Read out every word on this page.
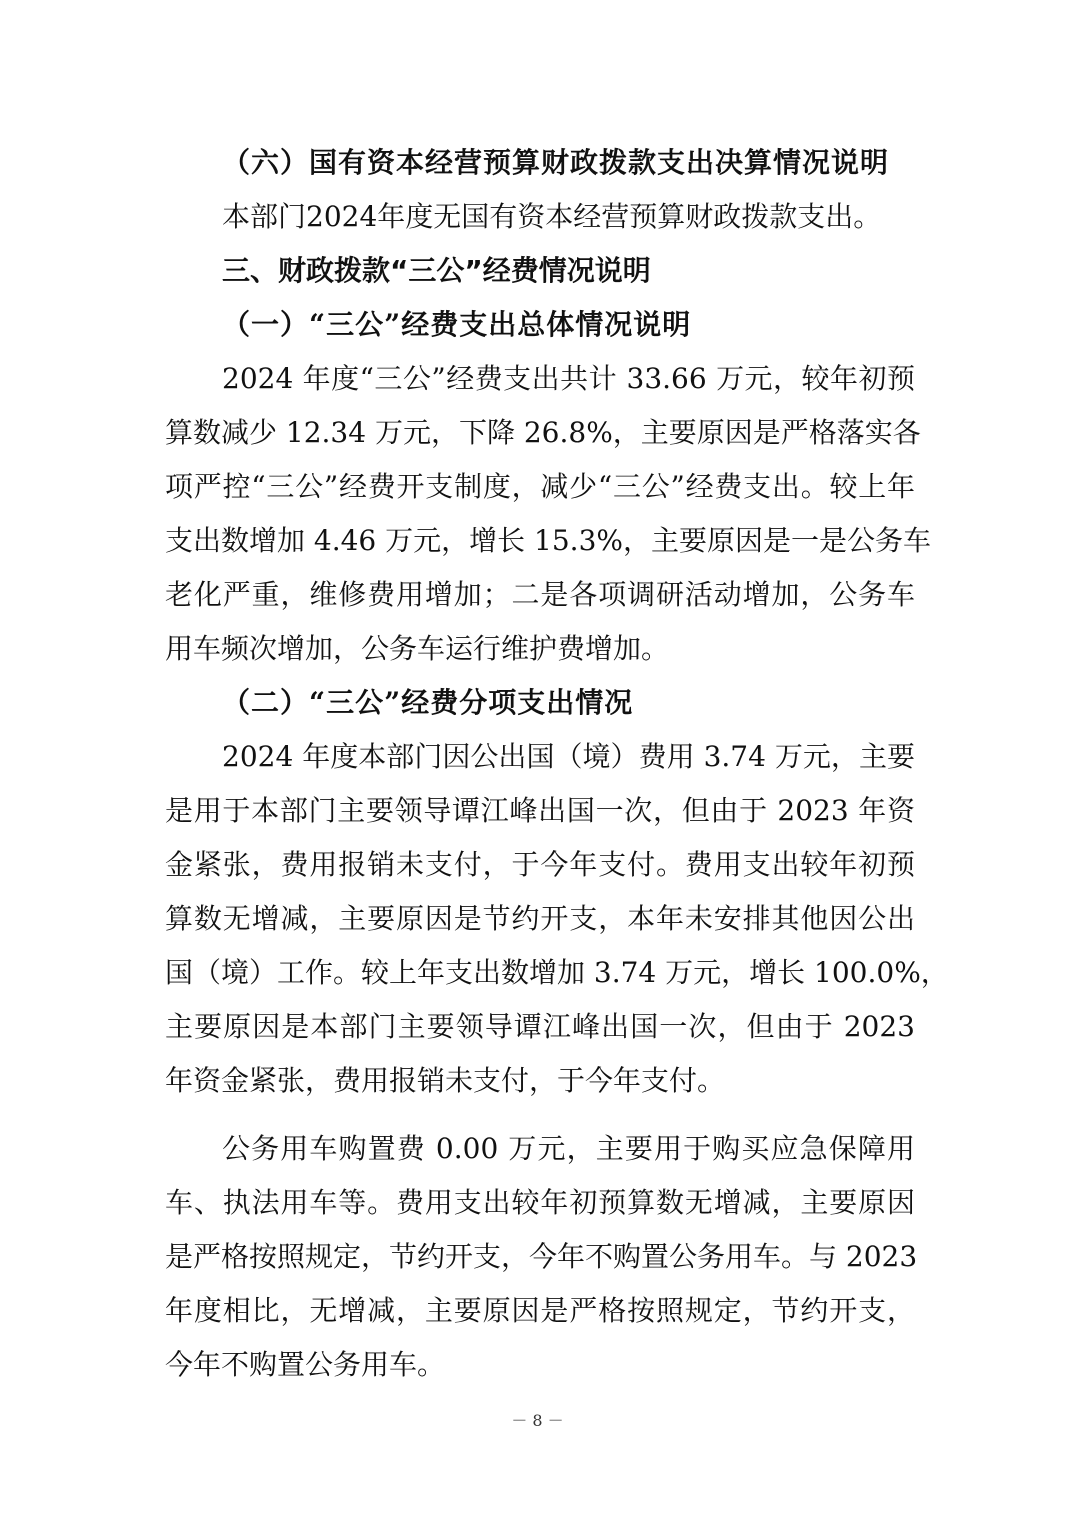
（六）国有资本经营预算财政拨款支出决算情况说明
本部门2024年度无国有资本经营预算财政拨款支出。
三、财政拨款“三公”经费情况说明
（一）“三公”经费支出总体情况说明
2024 年度“三公”经费支出共计 33.66 万元，较年初预
算数减少 12.34 万元，下降 26.8%，主要原因是严格落实各
项严控“三公”经费开支制度，减少“三公”经费支出。较上年
支出数增加 4.46 万元，增长 15.3%，主要原因是一是公务车
老化严重，维修费用增加；二是各项调研活动增加，公务车
用车频次增加，公务车运行维护费增加。
（二）“三公”经费分项支出情况
2024 年度本部门因公出国（境）费用 3.74 万元，主要
是用于本部门主要领导谭江峰出国一次，但由于 2023 年资
金紧张，费用报销未支付，于今年支付。费用支出较年初预
算数无增减，主要原因是节约开支，本年未安排其他因公出
国（境）工作。较上年支出数增加 3.74 万元，增长 100.0%，
主要原因是本部门主要领导谭江峰出国一次，但由于 2023
年资金紧张，费用报销未支付，于今年支付。
公务用车购置费 0.00 万元，主要用于购买应急保障用
车、执法用车等。费用支出较年初预算数无增减，主要原因
是严格按照规定，节约开支，今年不购置公务用车。与 2023
年度相比，无增减，主要原因是严格按照规定，节约开支，
今年不购置公务用车。
－ 8 －
